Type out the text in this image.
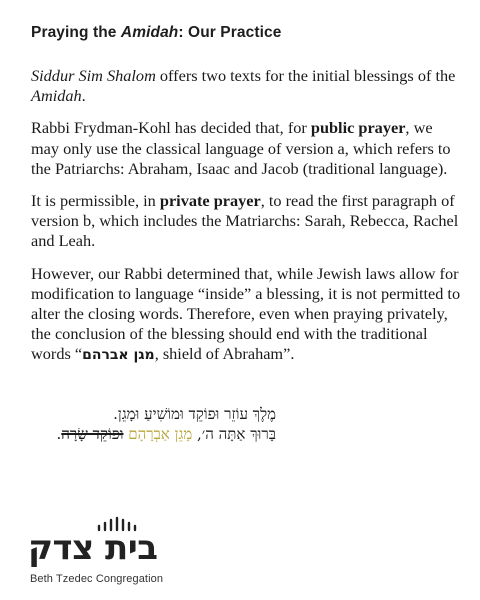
Praying the Amidah: Our Practice

Siddur Sim Shalom offers two texts for the initial blessings of the Amidah.

Rabbi Frydman-Kohl has decided that, for public prayer, we may only use the classical language of version a, which refers to the Patriarchs: Abraham, Isaac and Jacob (traditional language).

It is permissible, in private prayer, to read the first paragraph of version b, which includes the Matriarchs: Sarah, Rebecca, Rachel and Leah.

However, our Rabbi determined that, while Jewish laws allow for modification to language “inside” a blessing, it is not permitted to alter the closing words. Therefore, even when praying privately, the conclusion of the blessing should end with the traditional words “מגן אברהם, shield of Abraham”.

מֶלֶךְ עוֹזֵר וּפוֹקֵד וּמוֹשִׁיעַ וּמָגֵן.
בָּרוּךְ אַתָּה ה׳, מָגֵן אַבְרָהָם וּפוֹקֵד שָׂרָה.
בית צדק
Beth Tzedec Congregation
